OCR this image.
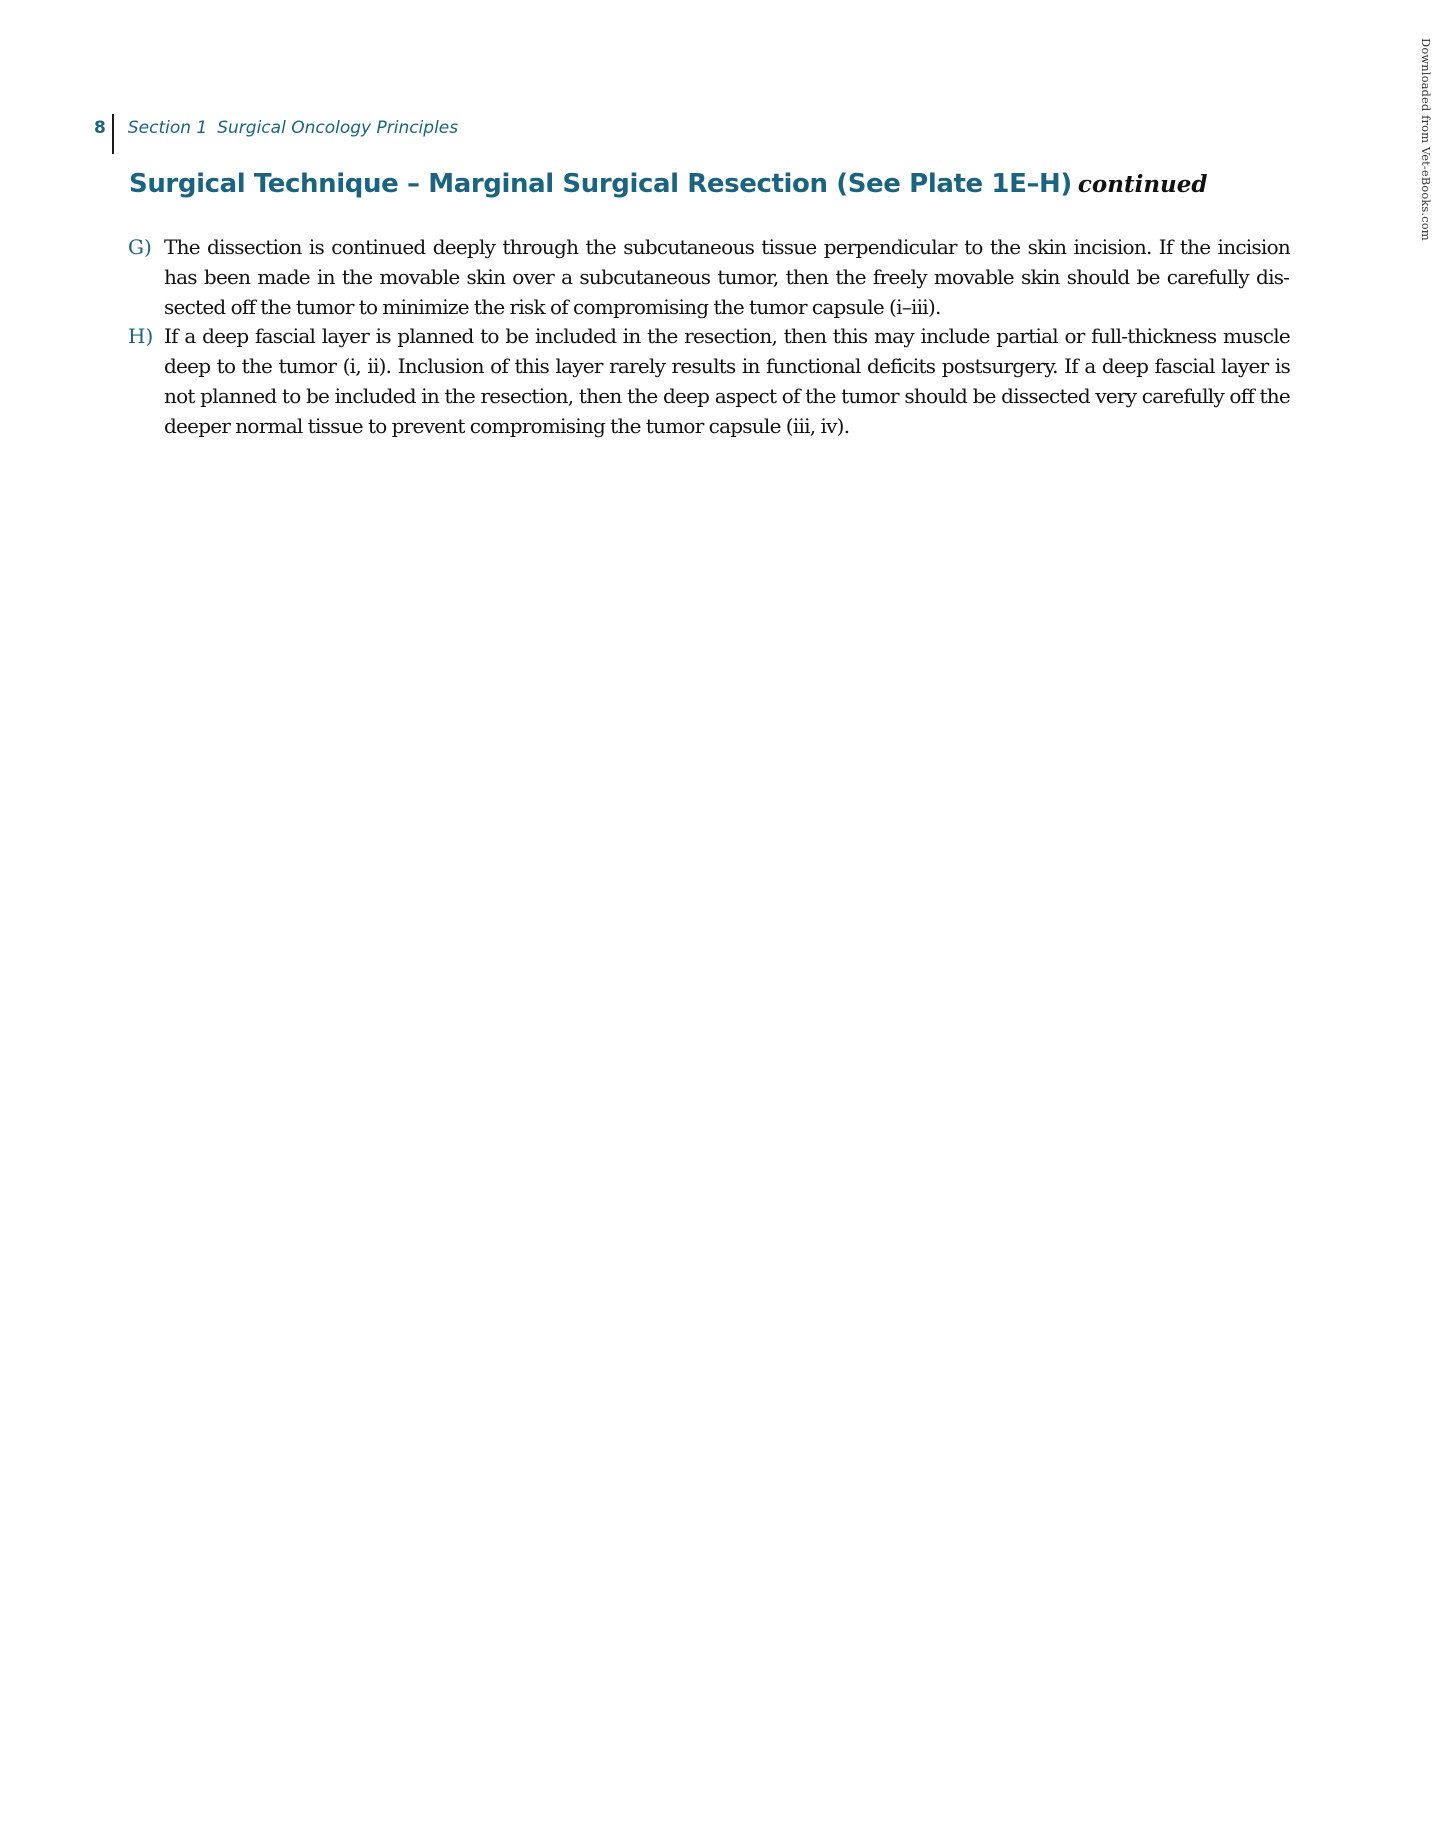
8 Section 1 Surgical Oncology Principles
Surgical Technique – Marginal Surgical Resection (See Plate 1E–H) continued
G) The dissection is continued deeply through the subcutaneous tissue perpendicular to the skin incision. If the incision has been made in the movable skin over a subcutaneous tumor, then the freely movable skin should be carefully dissected off the tumor to minimize the risk of compromising the tumor capsule (i–iii).
H) If a deep fascial layer is planned to be included in the resection, then this may include partial or full-thickness muscle deep to the tumor (i, ii). Inclusion of this layer rarely results in functional deficits postsurgery. If a deep fascial layer is not planned to be included in the resection, then the deep aspect of the tumor should be dissected very carefully off the deeper normal tissue to prevent compromising the tumor capsule (iii, iv).
Downloaded from Vet-eBooks.com
